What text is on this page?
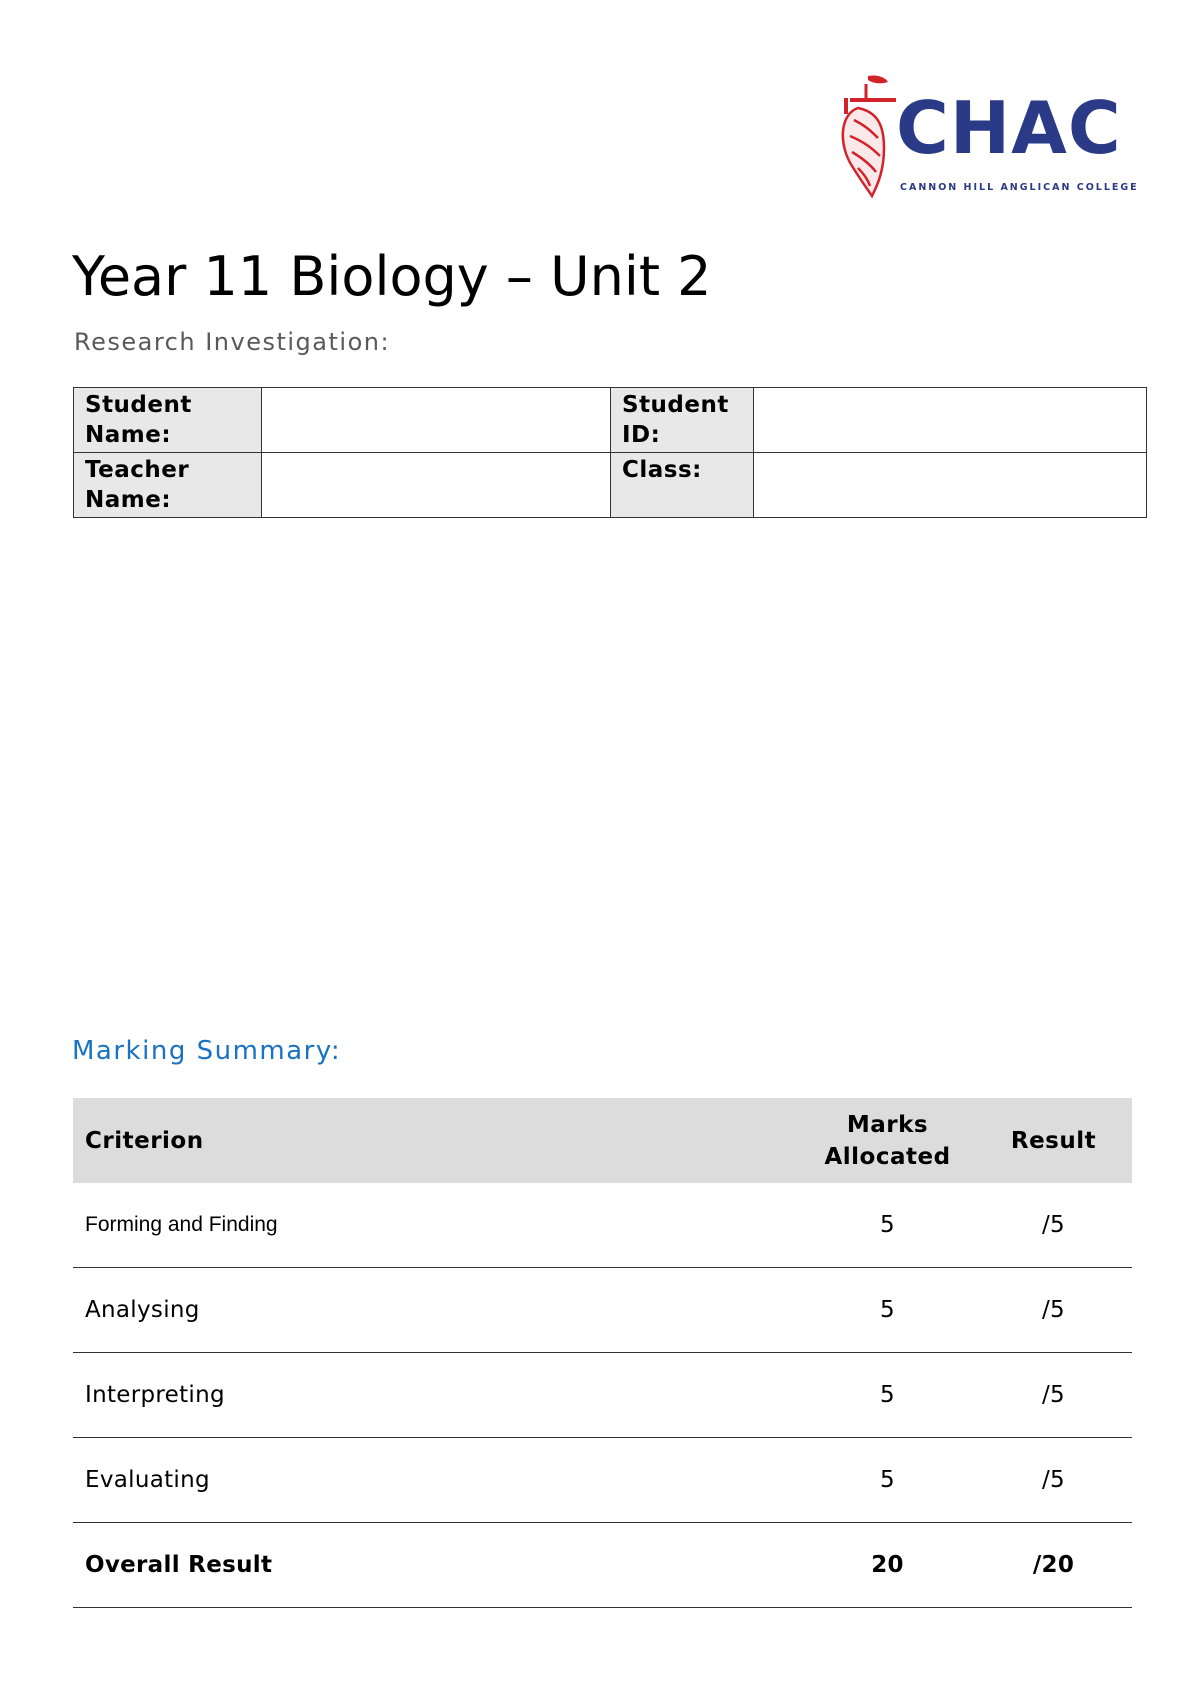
CHAC
CANNON HILL ANGLICAN COLLEGE
Year 11 Biology – Unit 2
Research Investigation:
Student Name:		Student ID:	
Teacher Name:		Class:	
Marking Summary:
Criterion	Marks Allocated	Result
Forming and Finding	5	/5
Analysing	5	/5
Interpreting	5	/5
Evaluating	5	/5
Overall Result	20	/20
